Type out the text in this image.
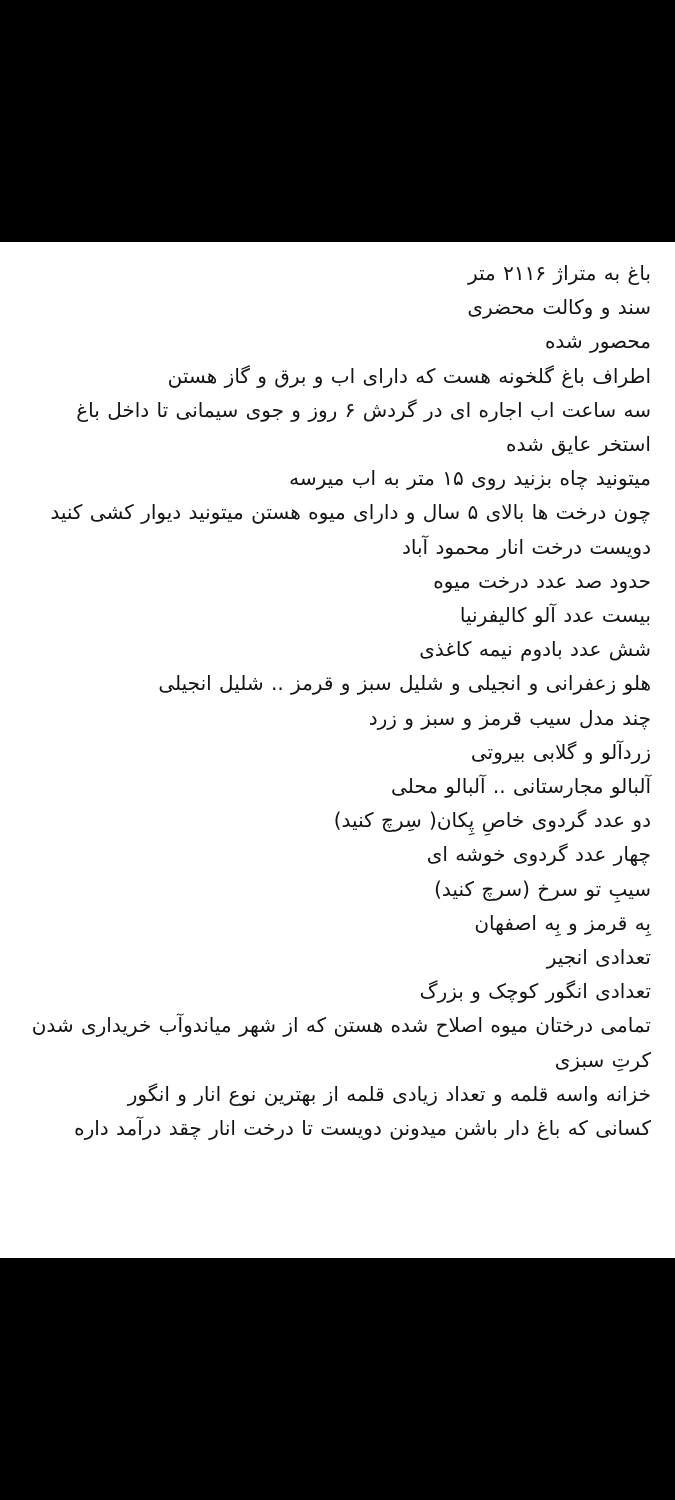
باغ به متراژ ۲۱۱۶ متر
سند و وکالت محضری
محصور شده
اطراف باغ گلخونه هست که دارای اب و برق و گاز هستن
سه ساعت اب اجاره ای در گردش ۶ روز و جوی سیمانی تا داخل باغ
استخر عایق شده
میتونید چاه بزنید روی ۱۵ متر به اب میرسه
چون درخت ها بالای ۵ سال و دارای میوه هستن میتونید دیوار کشی کنید
دویست درخت انار محمود آباد
حدود صد عدد درخت میوه
بیست عدد آلو کالیفرنیا
شش عدد بادوم نیمه کاغذی
هلو زعفرانی و انجیلی و شلیل سبز و قرمز .. شلیل انجیلی
چند مدل سیب قرمز و سبز و زرد
زردآلو و گلابی بیروتی
آلبالو مجارستانی .. آلبالو محلی
دو عدد گردوی خاصِ پِکان( سِرچ کنید)
چهار عدد گردوی خوشه ای
سیبِ تو سرخ (سرچ کنید)
بِه قرمز و بِه اصفهان
تعدادی انجیر
تعدادی انگور کوچک و بزرگ
تمامی درختان میوه اصلاح شده هستن که از شهر میاندوآب خریداری شدن
کرتِ سبزی
خزانه واسه قلمه و تعداد زیادی قلمه از بهترین نوع انار و انگور
کسانی که باغ دار باشن میدونن دویست تا درخت انار چقد درآمد داره
